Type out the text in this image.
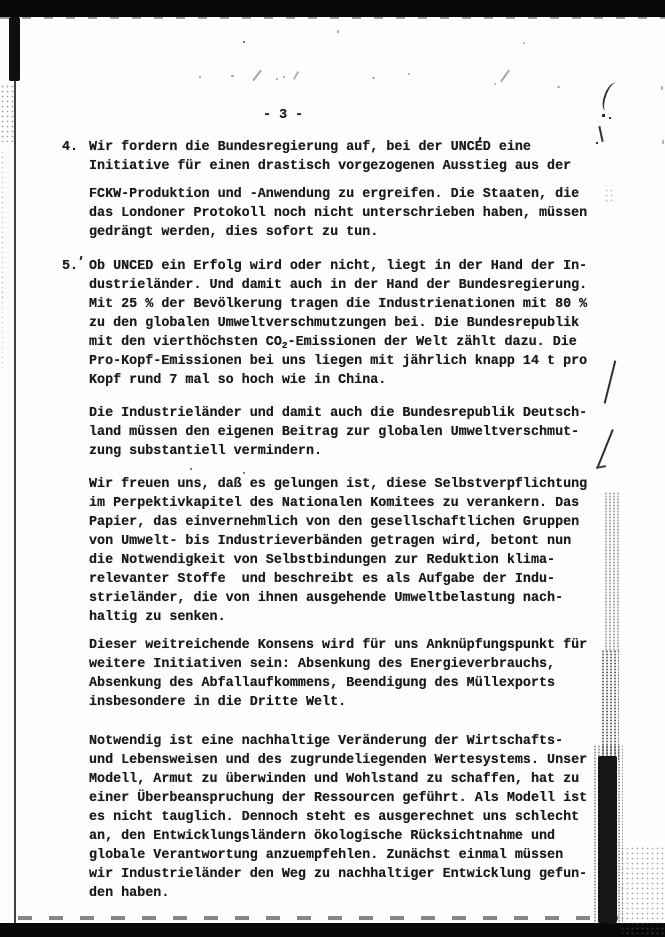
- 3 -
4. Wir fordern die Bundesregierung auf, bei der UNCED eine
Initiative für einen drastisch vorgezogenen Ausstieg aus der
FCKW-Produktion und -Anwendung zu ergreifen. Die Staaten, die
das Londoner Protokoll noch nicht unterschrieben haben, müssen
gedrängt werden, dies sofort zu tun.
5. Ob UNCED ein Erfolg wird oder nicht, liegt in der Hand der In-
dustrieländer. Und damit auch in der Hand der Bundesregierung.
Mit 25 % der Bevölkerung tragen die Industrienationen mit 80 %
zu den globalen Umweltverschmutzungen bei. Die Bundesrepublik
mit den vierthöchsten $CO_2$-Emissionen der Welt zählt dazu. Die
Pro-Kopf-Emissionen bei uns liegen mit jährlich knapp 14 t pro
Kopf rund 7 mal so hoch wie in China.
Die Industrieländer und damit auch die Bundesrepublik Deutsch-
land müssen den eigenen Beitrag zur globalen Umweltverschmut-
zung substantiell vermindern.
Wir freuen uns, daß es gelungen ist, diese Selbstverpflichtung
im Perpektivkapitel des Nationalen Komitees zu verankern. Das
Papier, das einvernehmlich von den gesellschaftlichen Gruppen
von Umwelt- bis Industrieverbänden getragen wird, betont nun
die Notwendigkeit von Selbstbindungen zur Reduktion klima-
relevanter Stoffe  und beschreibt es als Aufgabe der Indu-
strieländer, die von ihnen ausgehende Umweltbelastung nach-
haltig zu senken.
Dieser weitreichende Konsens wird für uns Anknüpfungspunkt für
weitere Initiativen sein: Absenkung des Energieverbrauchs,
Absenkung des Abfallaufkommens, Beendigung des Müllexports
insbesondere in die Dritte Welt.
Notwendig ist eine nachhaltige Veränderung der Wirtschafts-
und Lebensweisen und des zugrundeliegenden Wertesystems. Unser
Modell, Armut zu überwinden und Wohlstand zu schaffen, hat zu
einer Überbeanspruchung der Ressourcen geführt. Als Modell ist
es nicht tauglich. Dennoch steht es ausgerechnet uns schlecht
an, den Entwicklungsländern ökologische Rücksichtnahme und
globale Verantwortung anzuempfehlen. Zunächst einmal müssen
wir Industrieländer den Weg zu nachhaltiger Entwicklung gefun-
den haben.
